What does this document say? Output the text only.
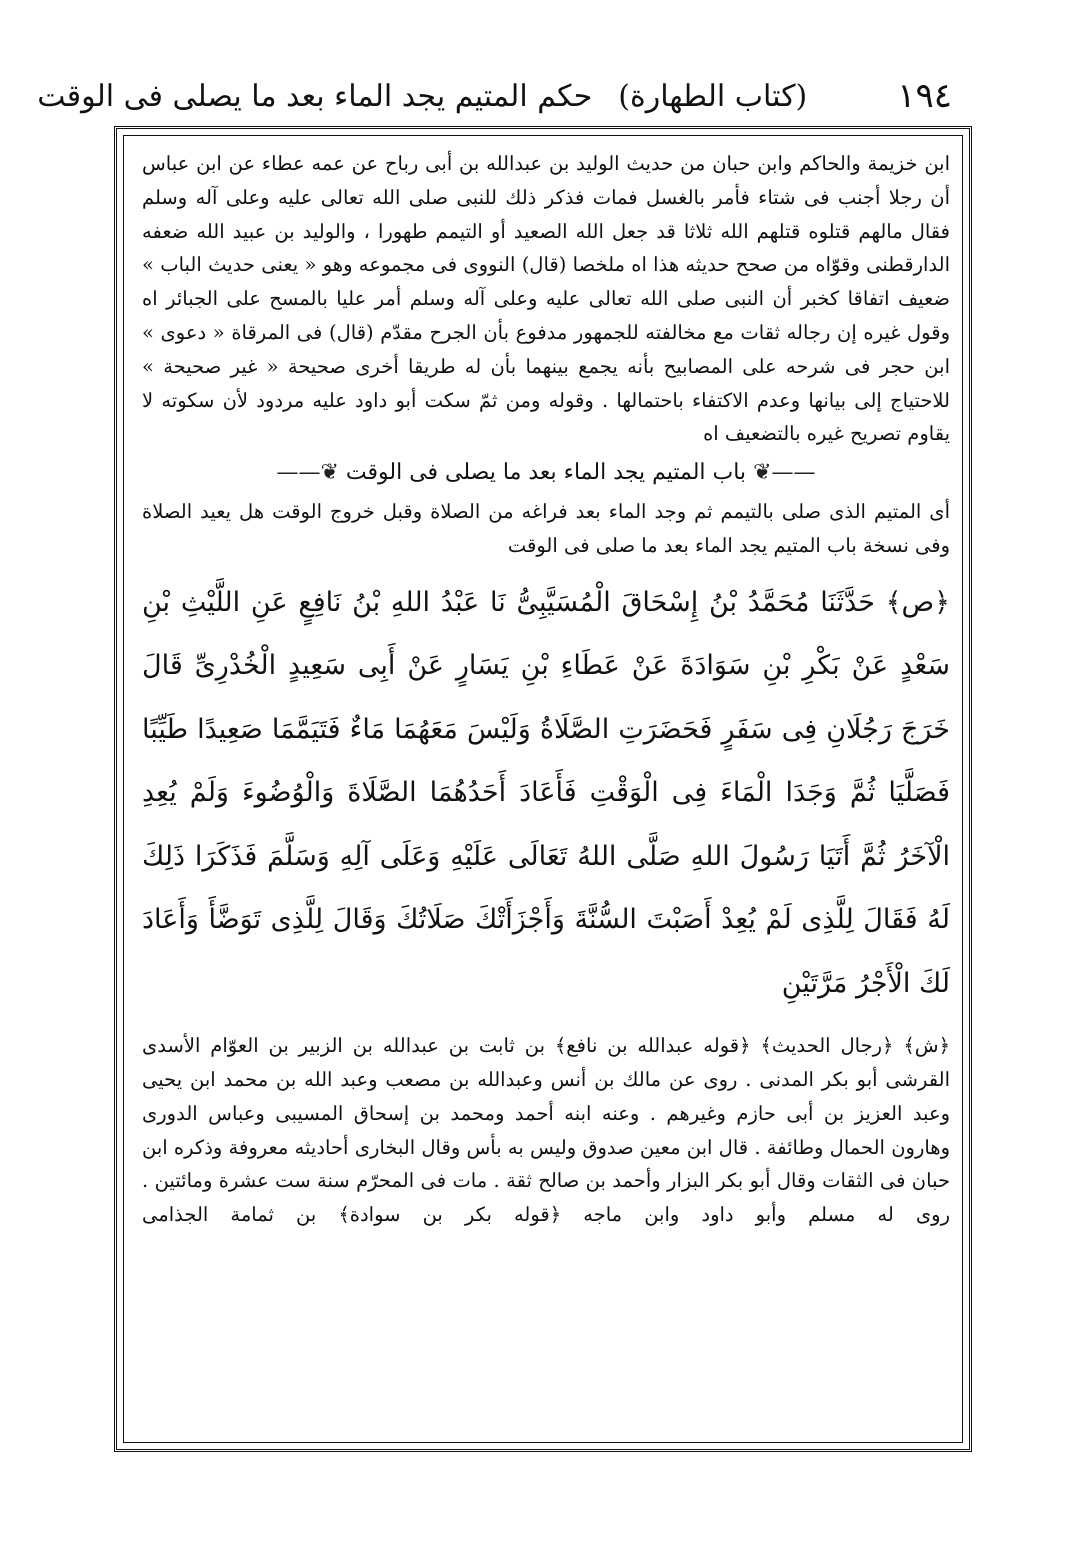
١٩٤
(كتاب الطهارة)
حكم المتيم يجد الماء بعد ما يصلى فى الوقت

ابن خزيمة والحاكم وابن حبان من حديث الوليد بن عبدالله بن أبى رباح عن عمه عطاء عن ابن عباس أن رجلا أجنب فى شتاء فأمر بالغسل فمات فذكر ذلك للنبى صلى الله تعالى عليه وعلى آله وسلم فقال مالهم قتلوه قتلهم الله ثلاثا قد جعل الله الصعيد أو التيمم طهورا ، والوليد بن عبيد الله ضعفه الدارقطنى وقوّاه من صحح حديثه هذا اه ملخصا (قال) النووى فى مجموعه وهو « يعنى حديث الباب » ضعيف اتفاقا كخبر أن النبى صلى الله تعالى عليه وعلى آله وسلم أمر عليا بالمسح على الجبائر اه وقول غيره إن رجاله ثقات مع مخالفته للجمهور مدفوع بأن الجرح مقدّم (قال) فى المرقاة « دعوى » ابن حجر فى شرحه على المصابيح بأنه يجمع بينهما بأن له طريقا أخرى صحيحة « غير صحيحة » للاحتياج إلى بيانها وعدم الاكتفاء باحتمالها . وقوله ومن ثمّ سكت أبو داود عليه مردود لأن سكوته لا يقاوم تصريح غيره بالتضعيف اه

——❦ باب المتيم يجد الماء بعد ما يصلى فى الوقت ❦——

أى المتيم الذى صلى بالتيمم ثم وجد الماء بعد فراغه من الصلاة وقبل خروج الوقت هل يعيد الصلاة وفى نسخة باب المتيم يجد الماء بعد ما صلى فى الوقت

﴿ص﴾ حَدَّثَنَا مُحَمَّدُ بْنُ إِسْحَاقَ الْمُسَيَّبِىُّ نَا عَبْدُ اللهِ بْنُ نَافِعٍ عَنِ اللَّيْثِ بْنِ سَعْدٍ عَنْ بَكْرِ بْنِ سَوَادَةَ عَنْ عَطَاءِ بْنِ يَسَارٍ عَنْ أَبِى سَعِيدٍ الْخُدْرِىِّ قَالَ خَرَجَ رَجُلَانِ فِى سَفَرٍ فَحَضَرَتِ الصَّلَاةُ وَلَيْسَ مَعَهُمَا مَاءٌ فَتَيَمَّمَا صَعِيدًا طَيِّبًا فَصَلَّيَا ثُمَّ وَجَدَا الْمَاءَ فِى الْوَقْتِ فَأَعَادَ أَحَدُهُمَا الصَّلَاةَ وَالْوُضُوءَ وَلَمْ يُعِدِ الْآخَرُ ثُمَّ أَتَيَا رَسُولَ اللهِ صَلَّى اللهُ تَعَالَى عَلَيْهِ وَعَلَى آلِهِ وَسَلَّمَ فَذَكَرَا ذَلِكَ لَهُ فَقَالَ لِلَّذِى لَمْ يُعِدْ أَصَبْتَ السُّنَّةَ وَأَجْزَأَتْكَ صَلَاتُكَ وَقَالَ لِلَّذِى تَوَضَّأَ وَأَعَادَ لَكَ الْأَجْرُ مَرَّتَيْنِ

﴿ش﴾ ﴿رجال الحديث﴾ ﴿قوله عبدالله بن نافع﴾ بن ثابت بن عبدالله بن الزبير بن العوّام الأسدى القرشى أبو بكر المدنى . روى عن مالك بن أنس وعبدالله بن مصعب وعبد الله بن محمد ابن يحيى وعبد العزيز بن أبى حازم وغيرهم . وعنه ابنه أحمد ومحمد بن إسحاق المسيبى وعباس الدورى وهارون الحمال وطائفة . قال ابن معين صدوق وليس به بأس وقال البخارى أحاديثه معروفة وذكره ابن حبان فى الثقات وقال أبو بكر البزار وأحمد بن صالح ثقة . مات فى المحرّم سنة ست عشرة ومائتين . روى له مسلم وأبو داود وابن ماجه ﴿قوله بكر بن سوادة﴾ بن ثمامة الجذامى
